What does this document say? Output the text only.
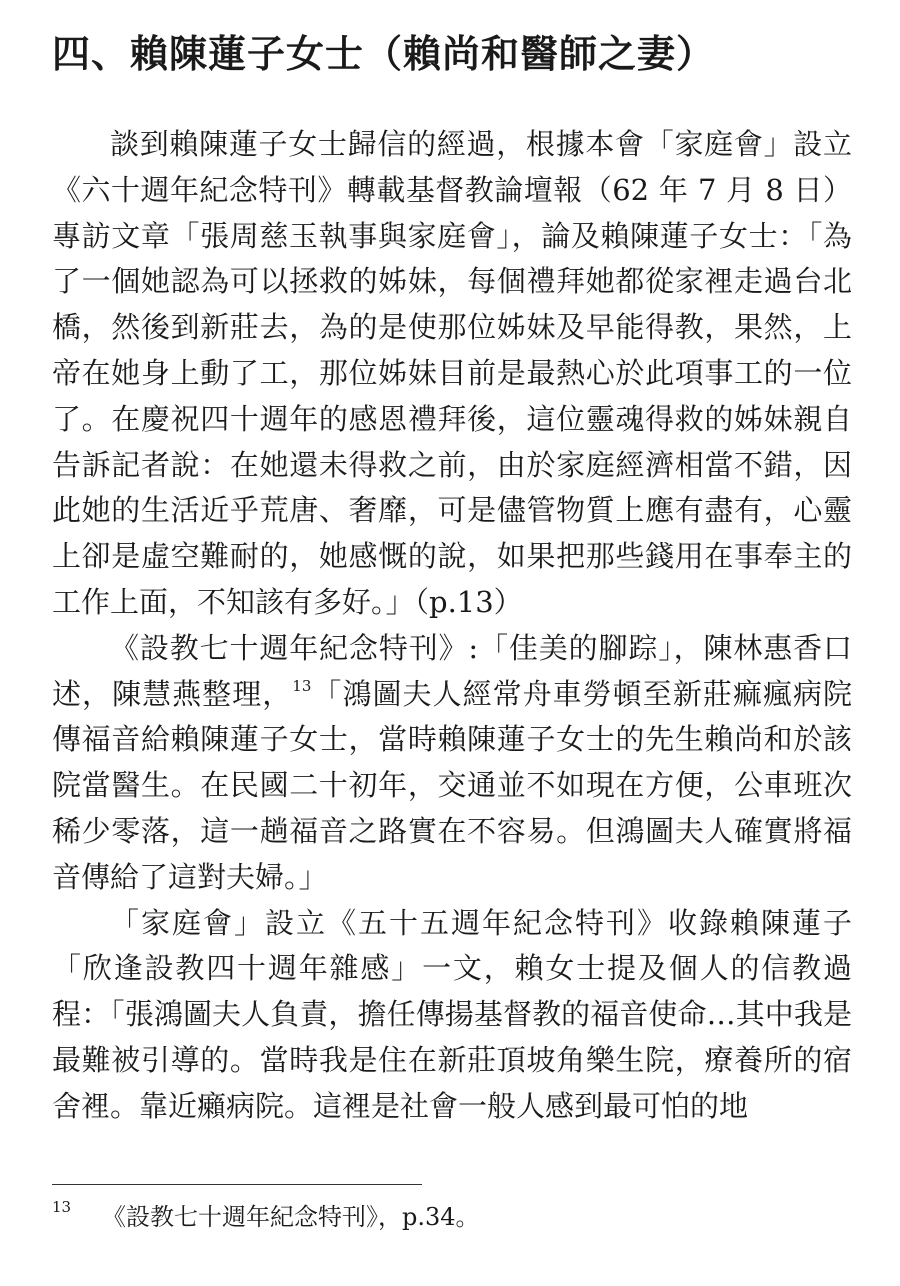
四、賴陳蓮子女士（賴尚和醫師之妻）

談到賴陳蓮子女士歸信的經過，根據本會「家庭會」設立《六十週年紀念特刊》轉載基督教論壇報（62 年 7 月 8 日）專訪文章「張周慈玉執事與家庭會」，論及賴陳蓮子女士：「為了一個她認為可以拯救的姊妹，每個禮拜她都從家裡走過台北橋，然後到新莊去，為的是使那位姊妹及早能得教，果然，上帝在她身上動了工，那位姊妹目前是最熱心於此項事工的一位了。在慶祝四十週年的感恩禮拜後，這位靈魂得救的姊妹親自告訴記者說：在她還未得救之前，由於家庭經濟相當不錯，因此她的生活近乎荒唐、奢靡，可是儘管物質上應有盡有，心靈上卻是虛空難耐的，她感慨的說，如果把那些錢用在事奉主的工作上面，不知該有多好。」（p.13）

《設教七十週年紀念特刊》:「佳美的腳踪」，陳林惠香口述，陳慧燕整理，$^{13}$「鴻圖夫人經常舟車勞頓至新莊痲瘋病院傳福音給賴陳蓮子女士，當時賴陳蓮子女士的先生賴尚和於該院當醫生。在民國二十初年，交通並不如現在方便，公車班次稀少零落，這一趟福音之路實在不容易。但鴻圖夫人確實將福音傳給了這對夫婦。」

「家庭會」設立《五十五週年紀念特刊》收錄賴陳蓮子「欣逢設教四十週年雜感」一文，賴女士提及個人的信教過程：「張鴻圖夫人負責，擔任傳揚基督教的福音使命…其中我是最難被引導的。當時我是住在新莊頂坡角樂生院，療養所的宿舍裡。靠近癩病院。這裡是社會一般人感到最可怕的地

13 《設教七十週年紀念特刊》，p.34。
